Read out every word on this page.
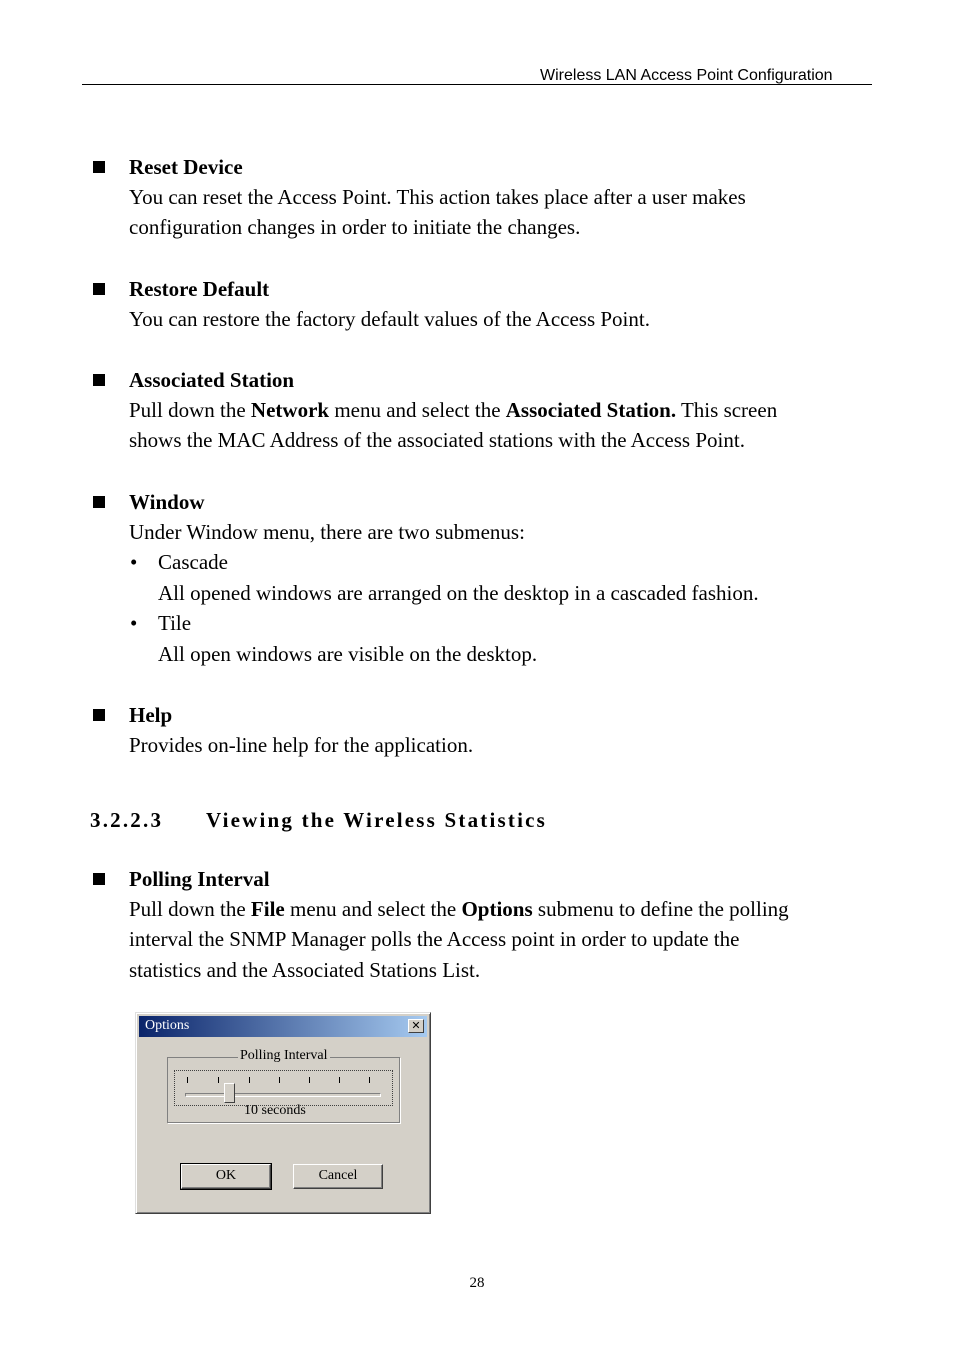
Wireless LAN Access Point Configuration
Reset Device
You can reset the Access Point. This action takes place after a user makes
configuration changes in order to initiate the changes.
Restore Default
You can restore the factory default values of the Access Point.
Associated Station
Pull down the Network menu and select the Associated Station. This screen
shows the MAC Address of the associated stations with the Access Point.
Window
Under Window menu, there are two submenus:
• Cascade
All opened windows are arranged on the desktop in a cascaded fashion.
• Tile
All open windows are visible on the desktop.
Help
Provides on-line help for the application.
3.2.2.3 Viewing the Wireless Statistics
Polling Interval
Pull down the File menu and select the Options submenu to define the polling
interval the SNMP Manager polls the Access point in order to update the
statistics and the Associated Stations List.
Options	✕
Polling Interval
10 seconds
OK	Cancel
28
